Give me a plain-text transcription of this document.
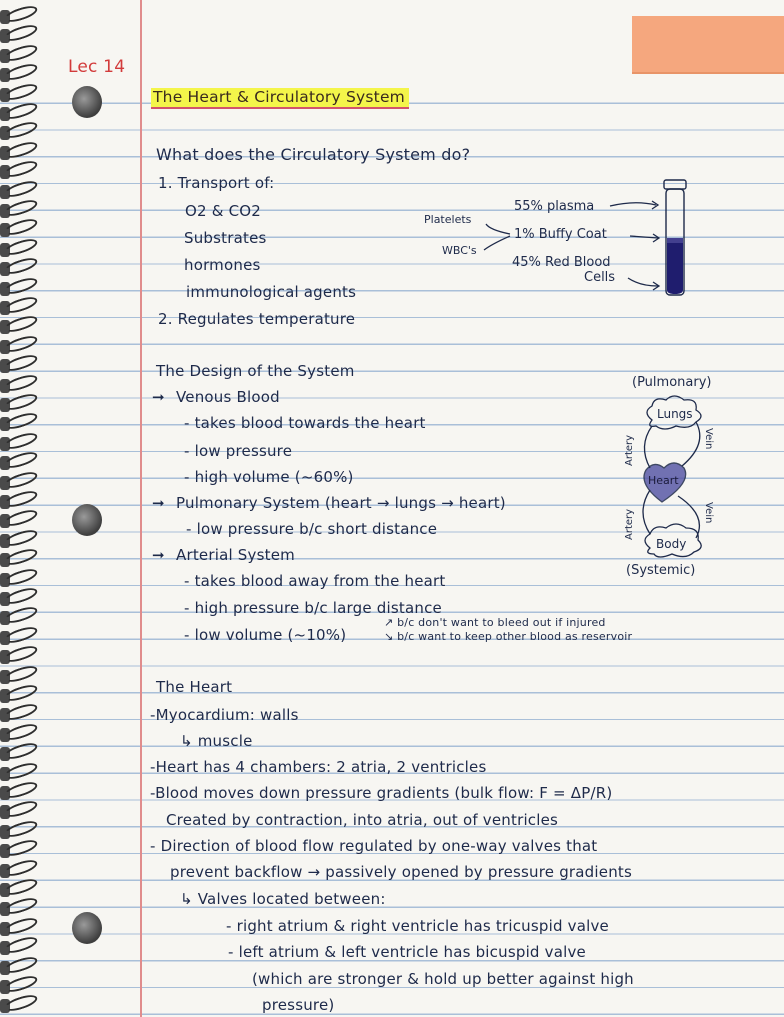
Lec 14
The Heart & Circulatory System
What does the Circulatory System do?
1. Transport of:
O2 & CO2
Substrates
hormones
immunological agents
2. Regulates temperature
55% plasma
1% Buffy Coat
45% Red Blood
Cells
Platelets
WBC's
The Design of the System
➞ Venous Blood
- takes blood towards the heart
- low pressure
- high volume (~60%)
➞ Pulmonary System (heart → lungs → heart)
- low pressure b/c short distance
➞ Arterial System
- takes blood away from the heart
- high pressure b/c large distance
- low volume (~10%)
↗ b/c don't want to bleed out if injured
↘ b/c want to keep other blood as reservoir
(Pulmonary)
Lungs
Heart
Body
(Systemic)
Artery	Vein
Artery	Vein
The Heart
-Myocardium: walls
↳ muscle
-Heart has 4 chambers: 2 atria, 2 ventricles
-Blood moves down pressure gradients (bulk flow: F = ΔP/R)
Created by contraction, into atria, out of ventricles
- Direction of blood flow regulated by one-way valves that
prevent backflow → passively opened by pressure gradients
↳ Valves located between:
- right atrium & right ventricle has tricuspid valve
- left atrium & left ventricle has bicuspid valve
(which are stronger & hold up better against high
pressure)
